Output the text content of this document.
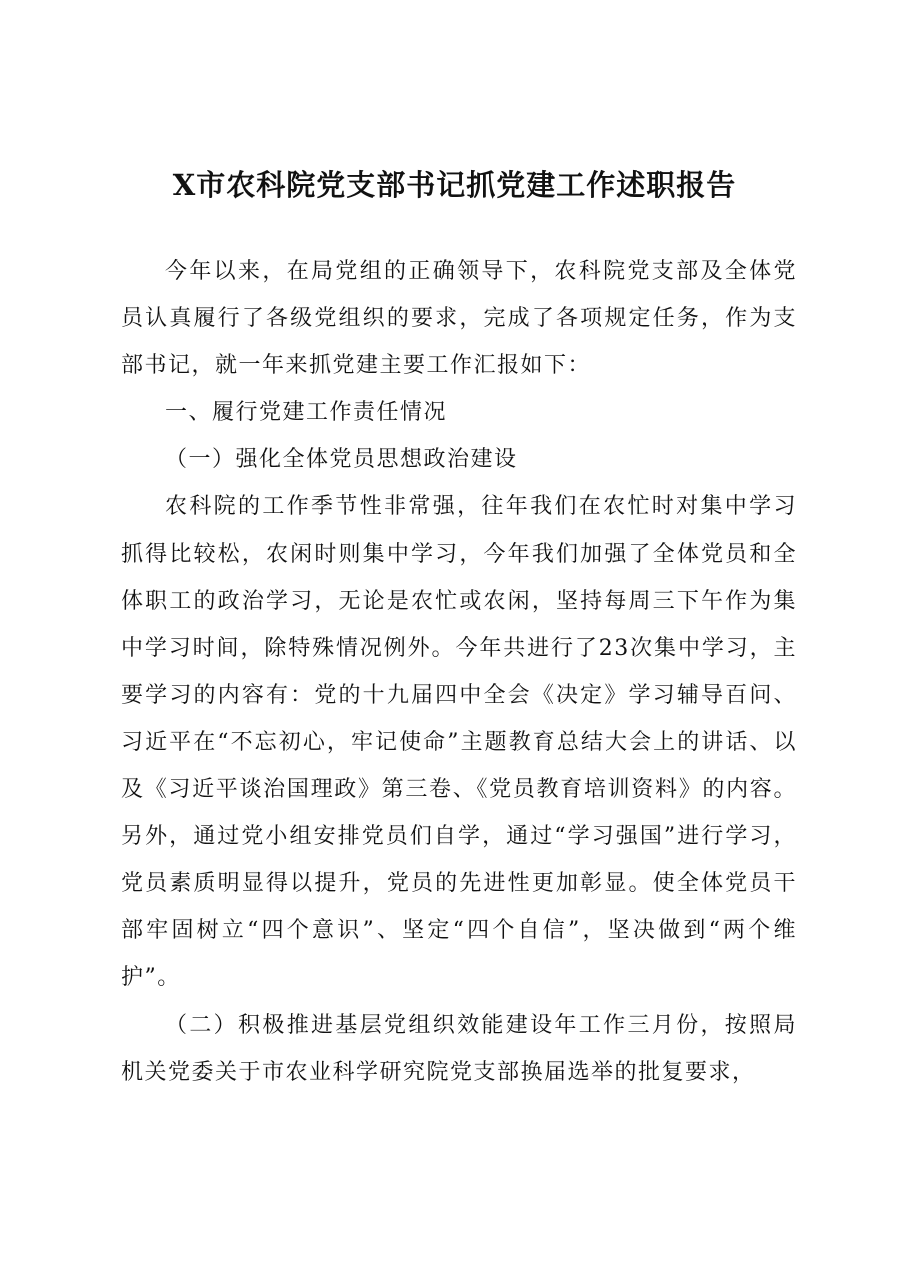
X市农科院党支部书记抓党建工作述职报告

今年以来，在局党组的正确领导下，农科院党支部及全体党员认真履行了各级党组织的要求，完成了各项规定任务，作为支部书记，就一年来抓党建主要工作汇报如下：

一、履行党建工作责任情况

（一）强化全体党员思想政治建设

农科院的工作季节性非常强，往年我们在农忙时对集中学习抓得比较松，农闲时则集中学习，今年我们加强了全体党员和全体职工的政治学习，无论是农忙或农闲，坚持每周三下午作为集中学习时间，除特殊情况例外。今年共进行了23次集中学习，主要学习的内容有：党的十九届四中全会《决定》学习辅导百问、习近平在“不忘初心，牢记使命”主题教育总结大会上的讲话、以及《习近平谈治国理政》第三卷、《党员教育培训资料》的内容。另外，通过党小组安排党员们自学，通过“学习强国”进行学习，党员素质明显得以提升，党员的先进性更加彰显。使全体党员干部牢固树立“四个意识”、坚定“四个自信”，坚决做到“两个维护”。

（二）积极推进基层党组织效能建设年工作三月份，按照局机关党委关于市农业科学研究院党支部换届选举的批复要求，
